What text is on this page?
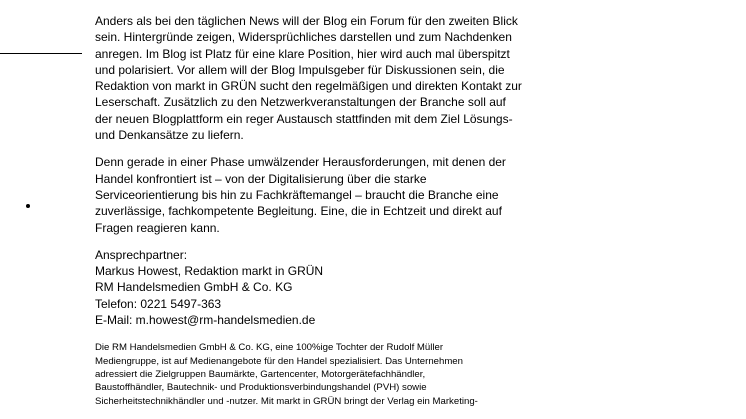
Anders als bei den täglichen News will der Blog ein Forum für den zweiten Blick
sein. Hintergründe zeigen, Widersprüchliches darstellen und zum Nachdenken
anregen. Im Blog ist Platz für eine klare Position, hier wird auch mal überspitzt
und polarisiert. Vor allem will der Blog Impulsgeber für Diskussionen sein, die
Redaktion von markt in GRÜN sucht den regelmäßigen und direkten Kontakt zur
Leserschaft. Zusätzlich zu den Netzwerkveranstaltungen der Branche soll auf
der neuen Blogplattform ein reger Austausch stattfinden mit dem Ziel Lösungs-
und Denkansätze zu liefern.

Denn gerade in einer Phase umwälzender Herausforderungen, mit denen der
Handel konfrontiert ist – von der Digitalisierung über die starke
Serviceorientierung bis hin zu Fachkräftemangel – braucht die Branche eine
zuverlässige, fachkompetente Begleitung. Eine, die in Echtzeit und direkt auf
Fragen reagieren kann.

Ansprechpartner:
Markus Howest, Redaktion markt in GRÜN
RM Handelsmedien GmbH & Co. KG
Telefon: 0221 5497-363
E-Mail: m.howest@rm-handelsmedien.de

Die RM Handelsmedien GmbH & Co. KG, eine 100%ige Tochter der Rudolf Müller
Mediengruppe, ist auf Medienangebote für den Handel spezialisiert. Das Unternehmen
adressiert die Zielgruppen Baumärkte, Gartencenter, Motorgerätefachhändler,
Baustoffhändler, Bautechnik- und Produktionsverbindungshandel (PVH) sowie
Sicherheitstechnikhändler und -nutzer. Mit markt in GRÜN bringt der Verlag ein Marketing-
